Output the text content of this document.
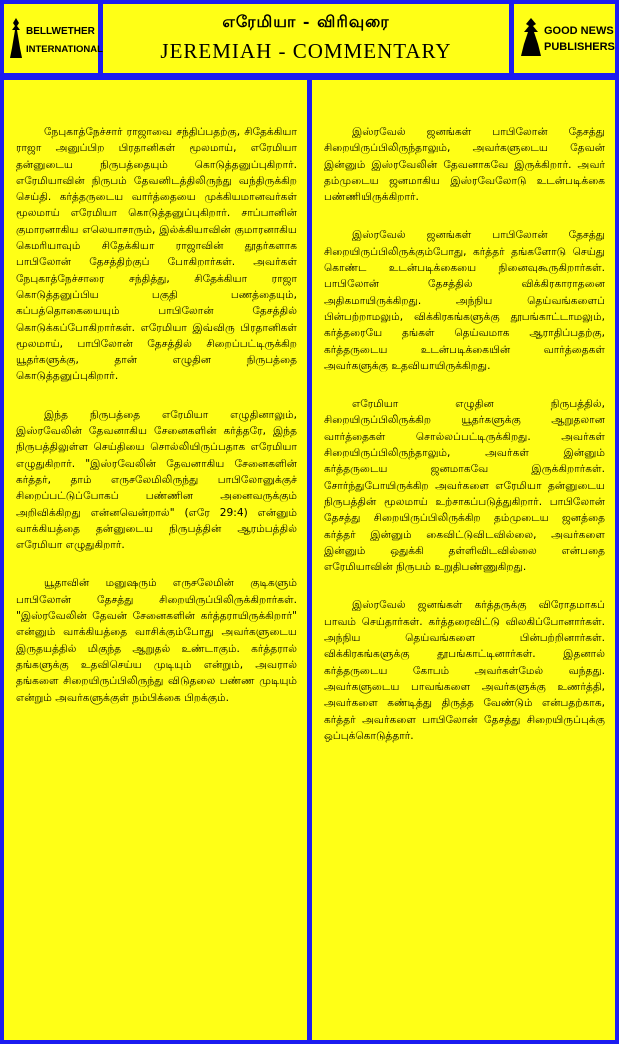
BELLWETHER
INTERNATIONAL
எரேமியா - விரிவுரை
JEREMIAH - COMMENTARY
GOOD NEWS
PUBLISHERS

நேபுகாத்நேச்சார் ராஜாவை சந்திப்பதற்கு, சிதேக்கியா ராஜா அனுப்பிற பிரதானிகள் மூலமாய், எரேமியா தன்னுடைய நிருபத்தையும் கொடுத்தனுப்புகிறார். எரேமியாவின் நிருபம் தேவனிடத்திலிருந்து வந்திருக்கிற செய்தி. கர்த்தருடைய வார்த்தையை முக்கியமானவர்கள் மூலமாய் எரேமியா கொடுத்தனுப்புகிறார். சாப்பானின் குமாரனாகிய எலெயாசாரும், இல்க்கியாவின் குமாரனாகிய கெமரியாவும் சிதேக்கியா ராஜாவின் தூதர்களாக பாபிலோன் தேசத்திற்குப் போகிறார்கள். அவர்கள் நேபுகாத்நேச்சாரை சந்தித்து, சிதேக்கியா ராஜா கொடுத்தனுப்பிய பகுதி பணத்தையும், கப்பத்தொகையையும் பாபிலோன் தேசத்தில் கொடுக்கப்போகிறார்கள். எரேமியா இவ்விரு பிரதானிகள் மூலமாய், பாபிலோன் தேசத்தில் சிறைப்பட்டிருக்கிற யூதர்களுக்கு, தான் எழுதின நிருபத்தை கொடுத்தனுப்புகிறார்.

இந்த நிருபத்தை எரேமியா எழுதினாலும், இஸ்ரவேலின் தேவனாகிய சேனைகளின் கர்த்தரே, இந்த நிருபத்திலுள்ள செய்தியை சொல்லியிருப்பதாக எரேமியா எழுதுகிறார். "இஸ்ரவேலின் தேவனாகிய சேனைகளின் கர்த்தர், தாம் எருசலேமிலிருந்து பாபிலோனுக்குச் சிறைப்பட்டுப்போகப் பண்ணின அனைவருக்கும் அறிவிக்கிறது என்னவென்றால்" (எரே 29:4) என்னும் வாக்கியத்தை தன்னுடைய நிருபத்தின் ஆரம்பத்தில் எரேமியா எழுதுகிறார்.

யூதாவின் மனுஷரும் எருசலேமின் குடிகளும் பாபிலோன் தேசத்து சிறையிருப்பிலிருக்கிறார்கள். "இஸ்ரவேலின் தேவன் சேனைகளின் கர்த்தராயிருக்கிறார்" என்னும் வாக்கியத்தை வாசிக்கும்போது அவர்களுடைய இருதயத்தில் மிகுந்த ஆறுதல் உண்டாகும். கர்த்தரால் தங்களுக்கு உதவிசெய்ய முடியும் என்றும், அவரால் தங்களை சிறையிருப்பிலிருந்து விடுதலை பண்ண முடியும் என்றும் அவர்களுக்குள் நம்பிக்கை பிறக்கும்.

இஸ்ரவேல் ஜனங்கள் பாபிலோன் தேசத்து சிறையிருப்பிலிருந்தாலும், அவர்களுடைய தேவன் இன்னும் இஸ்ரவேலின் தேவனாகவே இருக்கிறார். அவர் தம்முடைய ஜனமாகிய இஸ்ரவேலோடு உடன்படிக்கை பண்ணியிருக்கிறார்.

இஸ்ரவேல் ஜனங்கள் பாபிலோன் தேசத்து சிறையிருப்பிலிருக்கும்போது, கர்த்தர் தங்களோடு செய்து கொண்ட உடன்படிக்கையை நினைவுகூருகிறார்கள். பாபிலோன் தேசத்தில் விக்கிரகாராதனை அதிகமாயிருக்கிறது. அந்நிய தெய்வங்களைப் பின்பற்றாமலும், விக்கிரகங்களுக்கு தூபங்காட்டாமலும், கர்த்தரையே தங்கள் தெய்வமாக ஆராதிப்பதற்கு, கர்த்தருடைய உடன்படிக்கையின் வார்த்தைகள் அவர்களுக்கு உதவியாயிருக்கிறது.

எரேமியா எழுதின நிருபத்தில், சிறையிருப்பிலிருக்கிற யூதர்களுக்கு ஆறுதலான வார்த்தைகள் சொல்லப்பட்டிருக்கிறது. அவர்கள் சிறையிருப்பிலிருந்தாலும், அவர்கள் இன்னும் கர்த்தருடைய ஜனமாகவே இருக்கிறார்கள். சோர்ந்துபோயிருக்கிற அவர்களை எரேமியா தன்னுடைய நிருபத்தின் மூலமாய் உற்சாகப்படுத்துகிறார். பாபிலோன் தேசத்து சிறையிருப்பிலிருக்கிற தம்முடைய ஜனத்தை கர்த்தர் இன்னும் கைவிட்டுவிடவில்லை, அவர்களை இன்னும் ஒதுக்கி தள்ளிவிடவில்லை என்பதை எரேமியாவின் நிருபம் உறுதிபண்ணுகிறது.

இஸ்ரவேல் ஜனங்கள் கர்த்தருக்கு விரோதமாகப் பாவம் செய்தார்கள். கர்த்தரைவிட்டு விலகிப்போனார்கள். அந்நிய தெய்வங்களை பின்பற்றினார்கள். விக்கிரகங்களுக்கு தூபங்காட்டினார்கள். இதனால் கர்த்தருடைய கோபம் அவர்கள்மேல் வந்தது. அவர்களுடைய பாவங்களை அவர்களுக்கு உணர்த்தி, அவர்களை கண்டித்து திருத்த வேண்டும் என்பதற்காக, கர்த்தர் அவர்களை பாபிலோன் தேசத்து சிறையிருப்புக்கு ஒப்புக்கொடுத்தார்.
